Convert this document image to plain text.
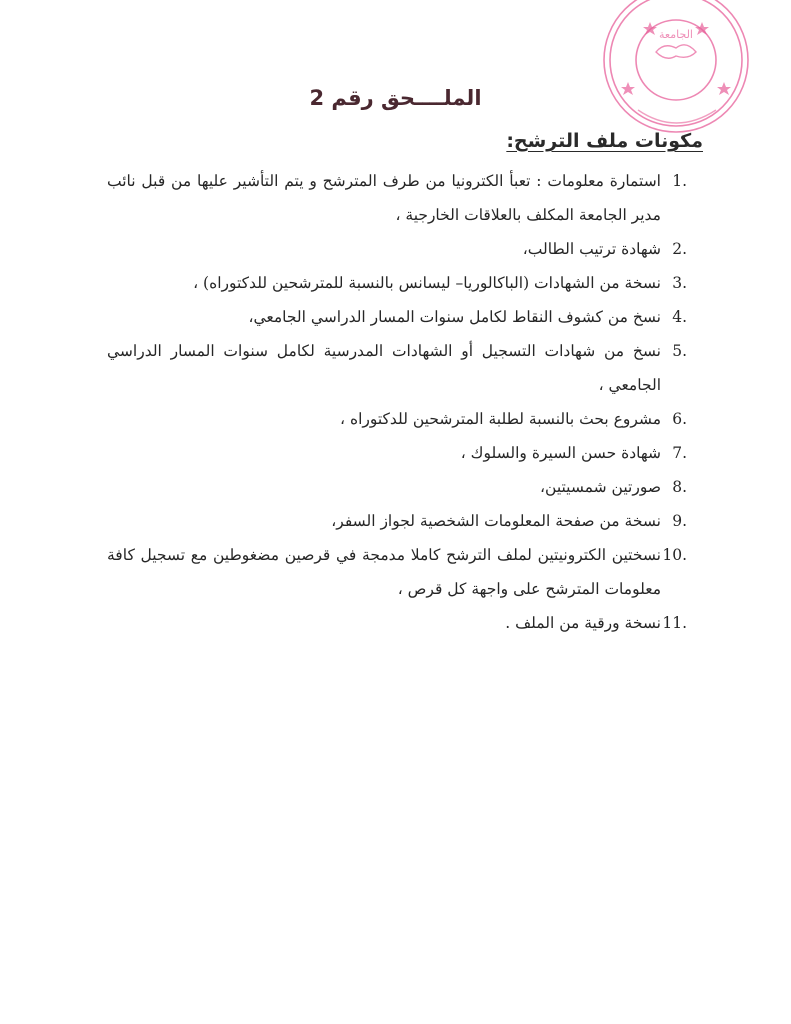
الجامعة
الملــــحق رقم 2
مكونات ملف الترشح:
1.
استمارة معلومات : تعبأ الكترونيا من طرف المترشح و يتم التأشير عليها من قبل نائب مدير الجامعة المكلف بالعلاقات الخارجية ،
2.
شهادة ترتيب الطالب،
3.
نسخة من الشهادات (الباكالوريا– ليسانس بالنسبة للمترشحين للدكتوراه) ،
4.
نسخ من كشوف النقاط لكامل سنوات المسار الدراسي الجامعي،
5.
نسخ من شهادات التسجيل أو الشهادات المدرسية لكامل سنوات المسار الدراسي الجامعي ،
6.
مشروع بحث بالنسبة لطلبة المترشحين للدكتوراه ،
7.
شهادة حسن السيرة والسلوك ،
8.
صورتين شمسيتين،
9.
نسخة من صفحة المعلومات الشخصية لجواز السفر،
10.
نسختين الكترونيتين لملف الترشح كاملا مدمجة في قرصين مضغوطين مع تسجيل كافة معلومات المترشح على واجهة كل قرص ،
11.
نسخة ورقية من الملف .
